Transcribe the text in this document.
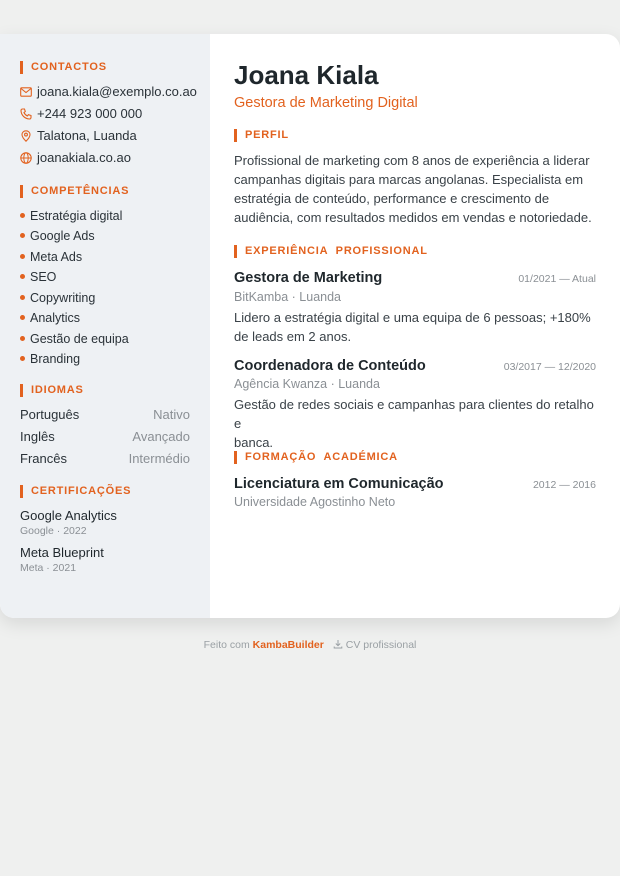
CONTACTOS
joana.kiala@exemplo.co.ao
+244 923 000 000
Talatona, Luanda
joanakiala.co.ao
COMPETÊNCIAS
Estratégia digital
Google Ads
Meta Ads
SEO
Copywriting
Analytics
Gestão de equipa
Branding
IDIOMAS
Português	Nativo
Inglês	Avançado
Francês	Intermédio
CERTIFICAÇÕES
Google Analytics
Google · 2022
Meta Blueprint
Meta · 2021
Joana Kiala
Gestora de Marketing Digital
PERFIL
Profissional de marketing com 8 anos de experiência a liderar
campanhas digitais para marcas angolanas. Especialista em
estratégia de conteúdo, performance e crescimento de
audiência, com resultados medidos em vendas e notoriedade.
EXPERIÊNCIA  PROFISSIONAL
Gestora de Marketing	01/2021 — Atual
BitKamba · Luanda
Lidero a estratégia digital e uma equipa de 6 pessoas; +180%
de leads em 2 anos.
Coordenadora de Conteúdo	03/2017 — 12/2020
Agência Kwanza · Luanda
Gestão de redes sociais e campanhas para clientes do retalho e
banca.
FORMAÇÃO  ACADÉMICA
Licenciatura em Comunicação	2012 — 2016
Universidade Agostinho Neto
Feito com KambaBuilder CV profissional
